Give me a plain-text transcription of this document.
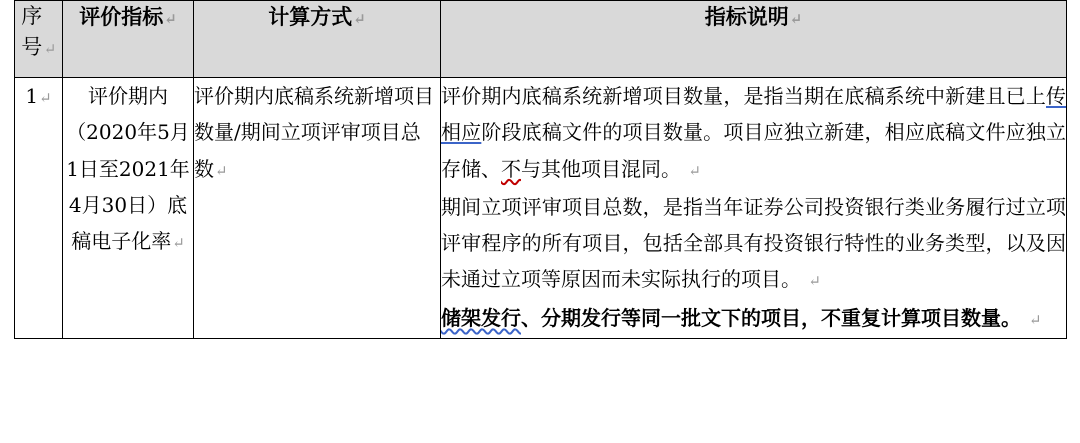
序号 ↵	评价指标↵	计算方式↵	指标说明↵
1↵	评价期内（2020年5月1日至2021年4月30日）底稿电子化率↵	评价期内底稿系统新增项目数量/期间立项评审项目总数↵	评价期内底稿系统新增项目数量，是指当期在底稿系统中新建且已上传相应阶段底稿文件的项目数量。项目应独立新建，相应底稿文件应独立存储、不与其他项目混同。 ↵
期间立项评审项目总数，是指当年证券公司投资银行类业务履行过立项评审程序的所有项目，包括全部具有投资银行特性的业务类型，以及因未通过立项等原因而未实际执行的项目。 ↵
储架发行、分期发行等同一批文下的项目，不重复计算项目数量。 ↵
